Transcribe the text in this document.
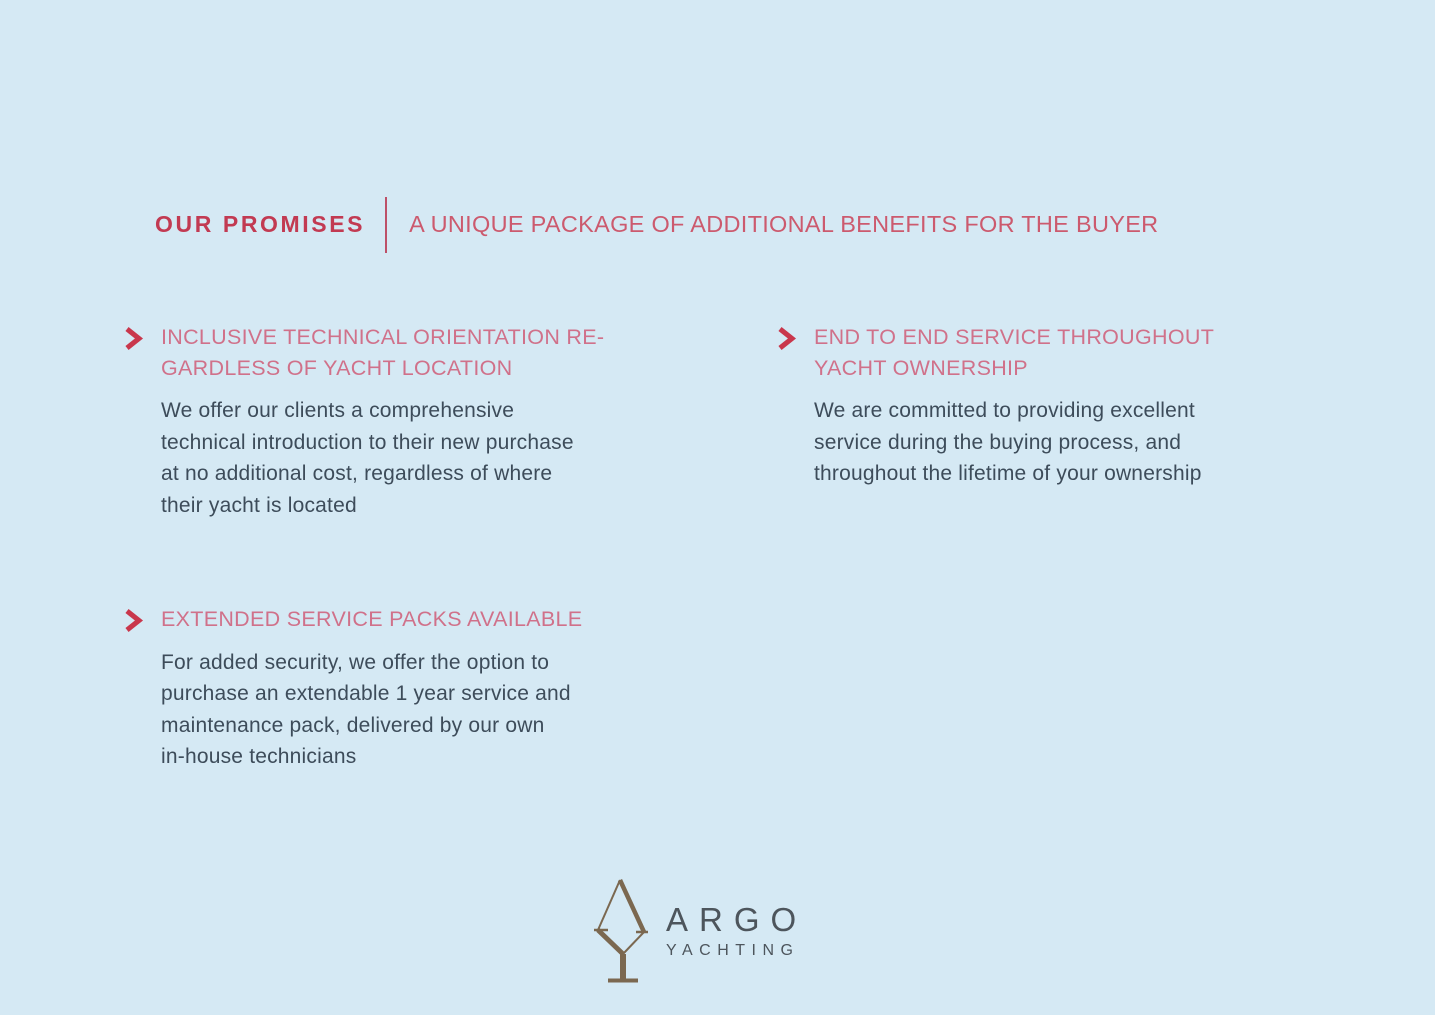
OUR PROMISES A UNIQUE PACKAGE OF ADDITIONAL BENEFITS FOR THE BUYER
INCLUSIVE TECHNICAL ORIENTATION RE-
GARDLESS OF YACHT LOCATION

We offer our clients a comprehensive
technical introduction to their new purchase
at no additional cost, regardless of where
their yacht is located

END TO END SERVICE THROUGHOUT
YACHT OWNERSHIP

We are committed to providing excellent
service during the buying process, and
throughout the lifetime of your ownership

EXTENDED SERVICE PACKS AVAILABLE

For added security, we offer the option to
purchase an extendable 1 year service and
maintenance pack, delivered by our own
in-house technicians

ARGO
YACHTING
